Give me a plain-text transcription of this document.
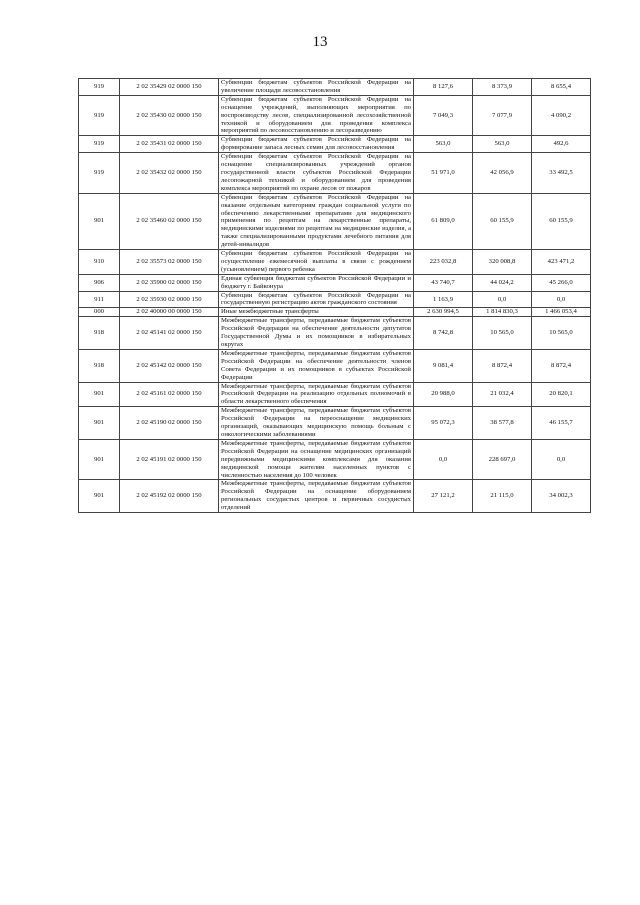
13
919	2 02 35429 02 0000 150	Субвенции бюджетам субъектов Российской Федерации на увеличение площади лесовосстановления	8 127,6	8 373,9	8 655,4
919	2 02 35430 02 0000 150	Субвенции бюджетам субъектов Российской Федерации на оснащение учреждений, выполняющих мероприятия по воспроизводству лесов, специализированной лесохозяйственной техникой и оборудованием для проведения комплекса мероприятий по лесовосстановлению и лесоразведению	7 049,3	7 077,9	4 090,2
919	2 02 35431 02 0000 150	Субвенции бюджетам субъектов Российской Федерации на формирование запаса лесных семян для лесовосстановления	563,0	563,0	492,6
919	2 02 35432 02 0000 150	Субвенции бюджетам субъектов Российской Федерации на оснащение специализированных учреждений органов государственной власти субъектов Российской Федерации лесопожарной техникой и оборудованием для проведения комплекса мероприятий по охране лесов от пожаров	51 971,0	42 056,9	33 492,5
901	2 02 35460 02 0000 150	Субвенции бюджетам субъектов Российской Федерации на оказание отдельным категориям граждан социальной услуги по обеспечению лекарственными препаратами для медицинского применения по рецептам на лекарственные препараты, медицинскими изделиями по рецептам на медицинские изделия, а также специализированными продуктами лечебного питания для детей-инвалидов	61 809,0	60 155,9	60 155,9
910	2 02 35573 02 0000 150	Субвенции бюджетам субъектов Российской Федерации на осуществление ежемесячной выплаты в связи с рождением (усыновлением) первого ребенка	223 032,8	320 008,8	423 471,2
906	2 02 35900 02 0000 150	Единая субвенция бюджетам субъектов Российской Федерации и бюджету г. Байконура	43 740,7	44 024,2	45 266,0
911	2 02 35930 02 0000 150	Субвенции бюджетам субъектов Российской Федерации на государственную регистрацию актов гражданского состояния	1 163,9	0,0	0,0
000	2 02 40000 00 0000 150	Иные межбюджетные трансферты	2 630 994,5	1 814 830,3	1 466 053,4
918	2 02 45141 02 0000 150	Межбюджетные трансферты, передаваемые бюджетам субъектов Российской Федерации на обеспечение деятельности депутатов Государственной Думы и их помощников в избирательных округах	8 742,8	10 565,0	10 565,0
918	2 02 45142 02 0000 150	Межбюджетные трансферты, передаваемые бюджетам субъектов Российской Федерации на обеспечение деятельности членов Совета Федерации и их помощников в субъектах Российской Федерации	9 081,4	8 872,4	8 872,4
901	2 02 45161 02 0000 150	Межбюджетные трансферты, передаваемые бюджетам субъектов Российской Федерации на реализацию отдельных полномочий в области лекарственного обеспечения	20 988,0	21 032,4	20 820,1
901	2 02 45190 02 0000 150	Межбюджетные трансферты, передаваемые бюджетам субъектов Российской Федерации на переоснащение медицинских организаций, оказывающих медицинскую помощь больным с онкологическими заболеваниями	95 072,3	38 577,8	46 155,7
901	2 02 45191 02 0000 150	Межбюджетные трансферты, передаваемые бюджетам субъектов Российской Федерации на оснащение медицинских организаций передвижными медицинскими комплексами для оказания медицинской помощи жителям населенных пунктов с численностью населения до 100 человек	0,0	228 697,0	0,0
901	2 02 45192 02 0000 150	Межбюджетные трансферты, передаваемые бюджетам субъектов Российской Федерации на оснащение оборудованием региональных сосудистых центров и первичных сосудистых отделений	27 121,2	21 115,0	34 002,3
